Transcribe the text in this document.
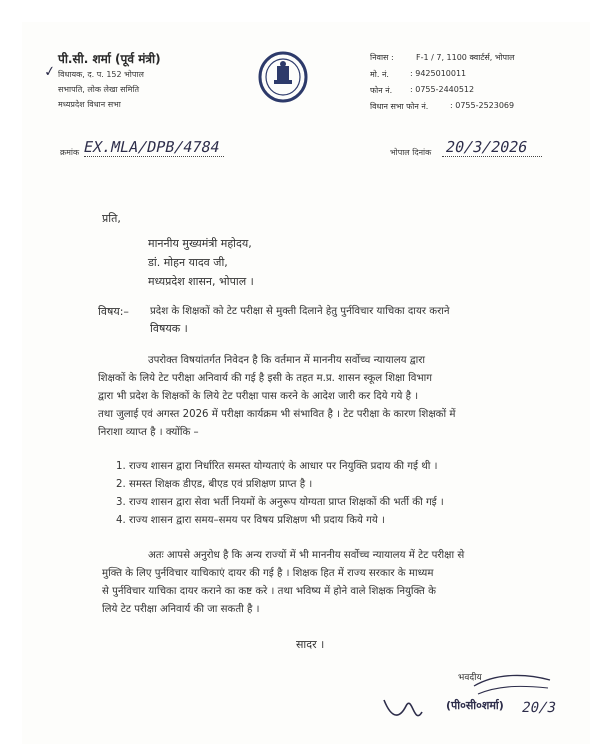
पी.सी. शर्मा (पूर्व मंत्री)
विधायक, द. प. 152 भोपाल
सभापति, लोक लेखा समिति
मध्यप्रदेश विधान सभा
✓
निवास :	F-1 / 7, 1100 क्वार्टर्स, भोपाल
मो. नं.	: 9425010011
फोन नं. : 0755-2440512
विधान सभा फोन नं.	: 0755-2523069
क्रमांक EX.MLA/DPB/4784	भोपाल दिनांक 20/3/2026
प्रति,
माननीय मुख्यमंत्री महोदय,
डां. मोहन यादव जी,
मध्यप्रदेश शासन, भोपाल ।
विषय:– प्रदेश के शिक्षकों को टेट परीक्षा से मुक्ती दिलाने हेतु पुर्नविचार याचिका दायर कराने
विषयक ।
उपरोक्त विषयांतर्गत निवेदन है कि वर्तमान में माननीय सर्वोच्च न्यायालय द्वारा
शिक्षकों के लिये टेट परीक्षा अनिवार्य की गई है इसी के तहत म.प्र. शासन स्कूल शिक्षा विभाग
द्वारा भी प्रदेश के शिक्षकों के लिये टेट परीक्षा पास करने के आदेश जारी कर दिये गये है ।
तथा जुलाई एवं अगस्त 2026 में परीक्षा कार्यक्रम भी संभावित है । टेट परीक्षा के कारण शिक्षकों में
निराशा व्याप्त है । क्योंकि –
1. राज्य शासन द्वारा निर्धारित समस्त योग्यताएं के आधार पर नियुक्ति प्रदाय की गई थी ।
2. समस्त शिक्षक डीएड, बीएड एवं प्रशिक्षण प्राप्त है ।
3. राज्य शासन द्वारा सेवा भर्ती नियमों के अनुरूप योग्यता प्राप्त शिक्षकों की भर्ती की गई ।
4. राज्य शासन द्वारा समय–समय पर विषय प्रशिक्षण भी प्रदाय किये गये ।
अतः आपसे अनुरोध है कि अन्य राज्यों में भी माननीय सर्वोच्च न्यायालय में टेट परीक्षा से
मुक्ति के लिए पुर्नविचार याचिकाएं दायर की गई है । शिक्षक हित में राज्य सरकार के माध्यम
से पुर्नविचार याचिका दायर कराने का कष्ट करे । तथा भविष्य में होने वाले शिक्षक नियुक्ति के
लिये टेट परीक्षा अनिवार्य की जा सकती है ।
सादर ।
भवदीय
(पी०सी०शर्मा) 20/3
